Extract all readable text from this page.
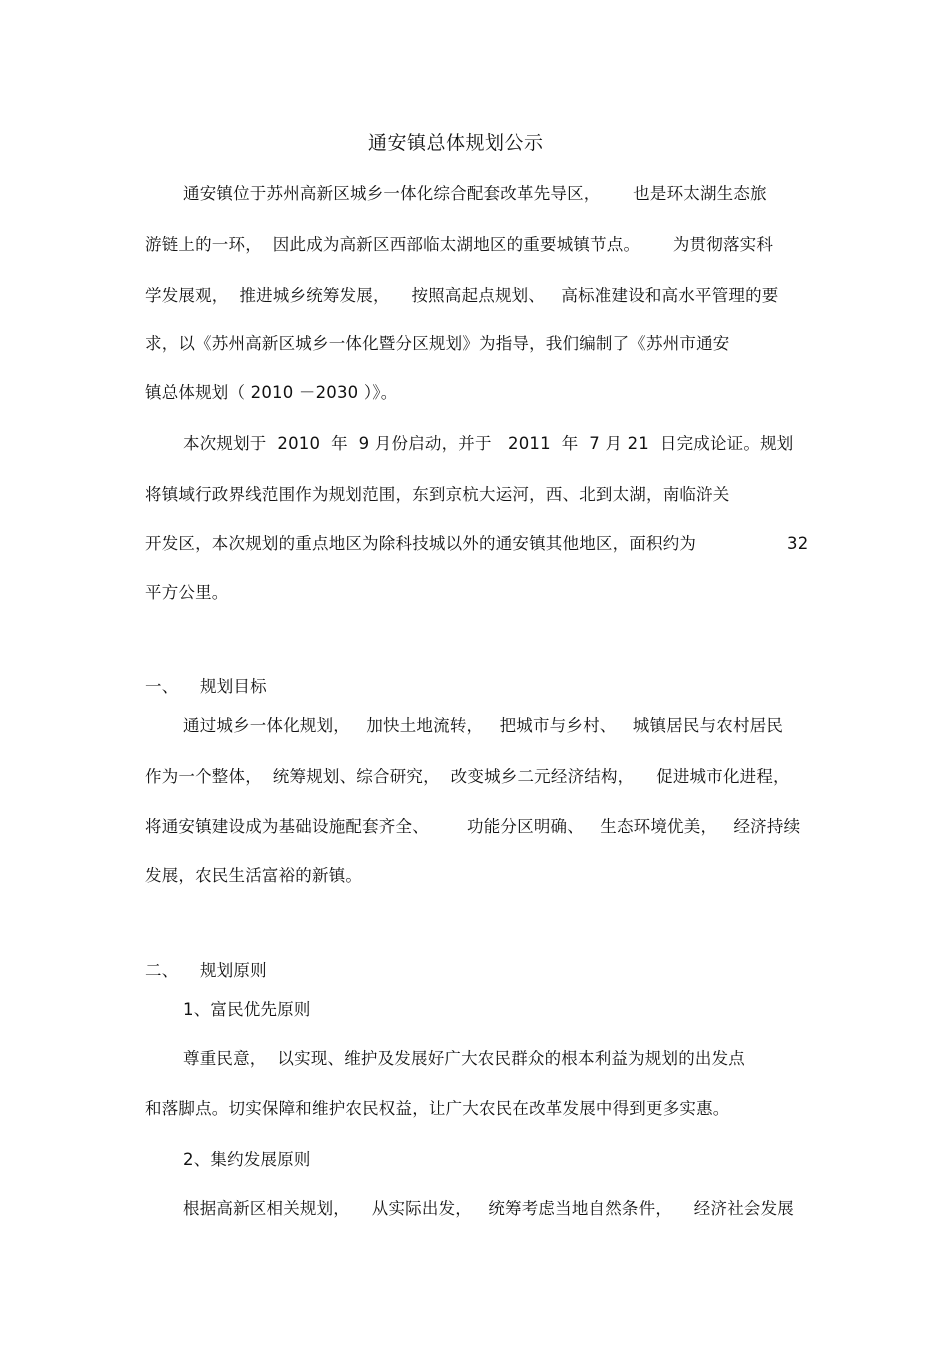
通安镇总体规划公示
通安镇位于苏州高新区城乡一体化综合配套改革先导区，      也是环太湖生态旅
游链上的一环，  因此成为高新区西部临太湖地区的重要城镇节点。      为贯彻落实科
学发展观，  推进城乡统筹发展，    按照高起点规划、   高标准建设和高水平管理的要
求，以《苏州高新区城乡一体化暨分区规划》为指导，我们编制了《苏州市通安
镇总体规划（ 2010 －2030 ）》。
本次规划于  2010  年  9 月份启动，并于   2011  年  7 月 21  日完成论证。规划
将镇域行政界线范围作为规划范围，东到京杭大运河，西、北到太湖，南临浒关
开发区，本次规划的重点地区为除科技城以外的通安镇其他地区，面积约为	32
平方公里。
一、 规划目标
通过城乡一体化规划，   加快土地流转，   把城市与乡村、   城镇居民与农村居民
作为一个整体，  统筹规划、综合研究，  改变城乡二元经济结构，    促进城市化进程，
将通安镇建设成为基础设施配套齐全、       功能分区明确、   生态环境优美，   经济持续
发展，农民生活富裕的新镇。
二、 规划原则
1、富民优先原则
尊重民意，  以实现、维护及发展好广大农民群众的根本利益为规划的出发点
和落脚点。切实保障和维护农民权益，让广大农民在改革发展中得到更多实惠。
2、集约发展原则
根据高新区相关规划，    从实际出发，   统筹考虑当地自然条件，    经济社会发展
